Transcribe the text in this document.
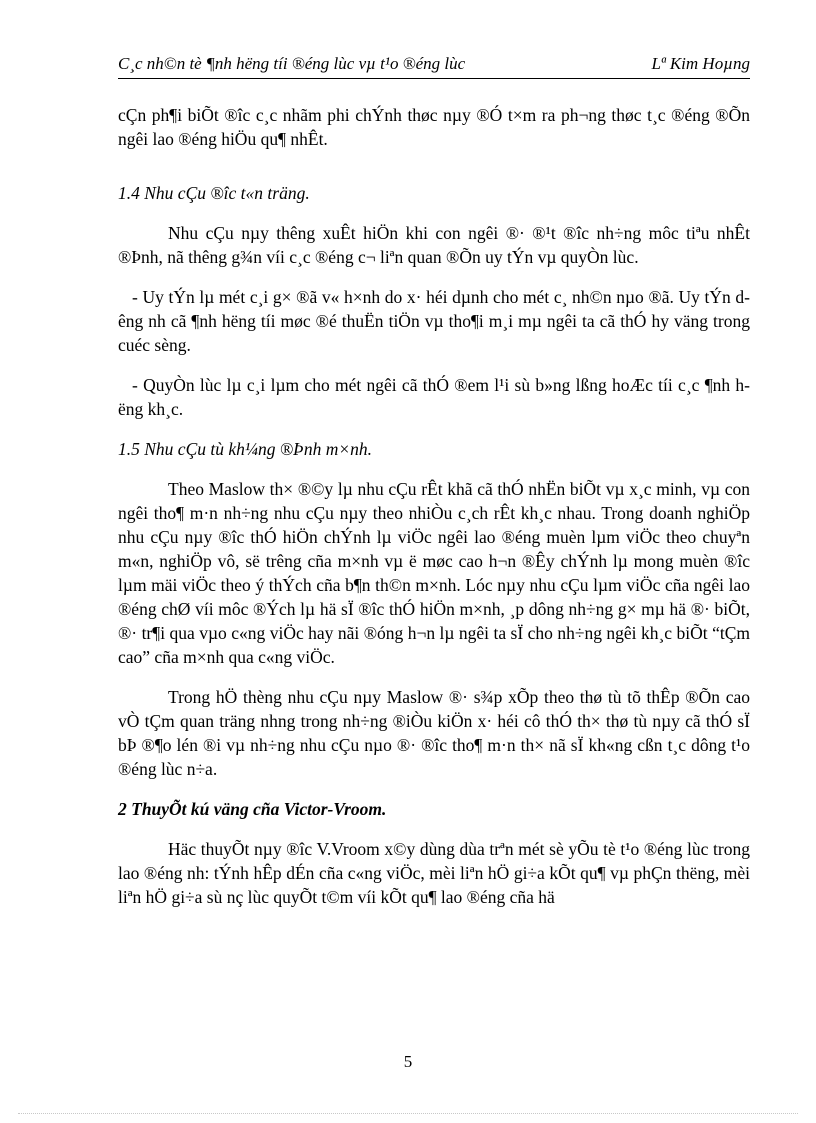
C¸c nh©n tè ¶nh hëng tíi ®éng lùc vµ t¹o ®éng lùc	Lª Kim Hoµng

cÇn ph¶i biÕt ®îc c¸c nhãm phi chÝnh thøc nµy ®Ó t×m ra ph¬ng thøc t¸c ®éng ®Õn ngêi lao ®éng hiÖu qu¶ nhÊt.

1.4 Nhu cÇu ®îc t«n träng.

Nhu cÇu nµy thêng xuÊt hiÖn khi con ngêi ®· ®¹t ®îc nh÷ng môc tiªu nhÊt ®Þnh, nã thêng g¾n víi c¸c ®éng c¬ liªn quan ®Õn uy tÝn vµ quyÒn lùc.

- Uy tÝn lµ mét c¸i g× ®ã v« h×nh do x· héi dµnh cho mét c¸ nh©n nµo ®ã. Uy tÝn dêng nh cã ¶nh hëng tíi møc ®é thuËn tiÖn vµ tho¶i m¸i mµ ngêi ta cã thÓ hy väng trong cuéc sèng.

- QuyÒn lùc lµ c¸i lµm cho mét ngêi cã thÓ ®em l¹i sù b»ng lßng hoÆc tíi c¸c ¶nh hëng kh¸c.

1.5 Nhu cÇu tù kh¼ng ®Þnh m×nh.

Theo Maslow th× ®©y lµ nhu cÇu rÊt khã cã thÓ nhËn biÕt vµ x¸c minh, vµ con ngêi tho¶ m·n nh÷ng nhu cÇu nµy theo nhiÒu c¸ch rÊt kh¸c nhau. Trong doanh nghiÖp nhu cÇu nµy ®îc thÓ hiÖn chÝnh lµ viÖc ngêi lao ®éng muèn lµm viÖc theo chuyªn m«n, nghiÖp vô, së trêng cña m×nh vµ ë møc cao h¬n ®Êy chÝnh lµ mong muèn ®îc lµm mäi viÖc theo ý thÝch cña b¶n th©n m×nh. Lóc nµy nhu cÇu lµm viÖc cña ngêi lao ®éng chØ víi môc ®Ých lµ hä sÏ ®îc thÓ hiÖn m×nh, ¸p dông nh÷ng g× mµ hä ®· biÕt, ®· tr¶i qua vµo c«ng viÖc hay nãi ®óng h¬n lµ ngêi ta sÏ cho nh÷ng ngêi kh¸c biÕt “tÇm cao” cña m×nh qua c«ng viÖc.

Trong hÖ thèng nhu cÇu nµy Maslow ®· s¾p xÕp theo thø tù tõ thÊp ®Õn cao vÒ tÇm quan träng nhng trong nh÷ng ®iÒu kiÖn x· héi cô thÓ th× thø tù nµy cã thÓ sÏ bÞ ®¶o lén ®i vµ nh÷ng nhu cÇu nµo ®· ®îc tho¶ m·n th× nã sÏ kh«ng cßn t¸c dông t¹o ®éng lùc n÷a.

2 ThuyÕt kú väng cña Victor-Vroom.

Häc thuyÕt nµy ®îc V.Vroom x©y dùng dùa trªn mét sè yÕu tè t¹o ®éng lùc trong lao ®éng nh: tÝnh hÊp dÉn cña c«ng viÖc, mèi liªn hÖ gi÷a kÕt qu¶ vµ phÇn thëng, mèi liªn hÖ gi÷a sù nç lùc quyÕt t©m víi kÕt qu¶ lao ®éng cña hä

5
